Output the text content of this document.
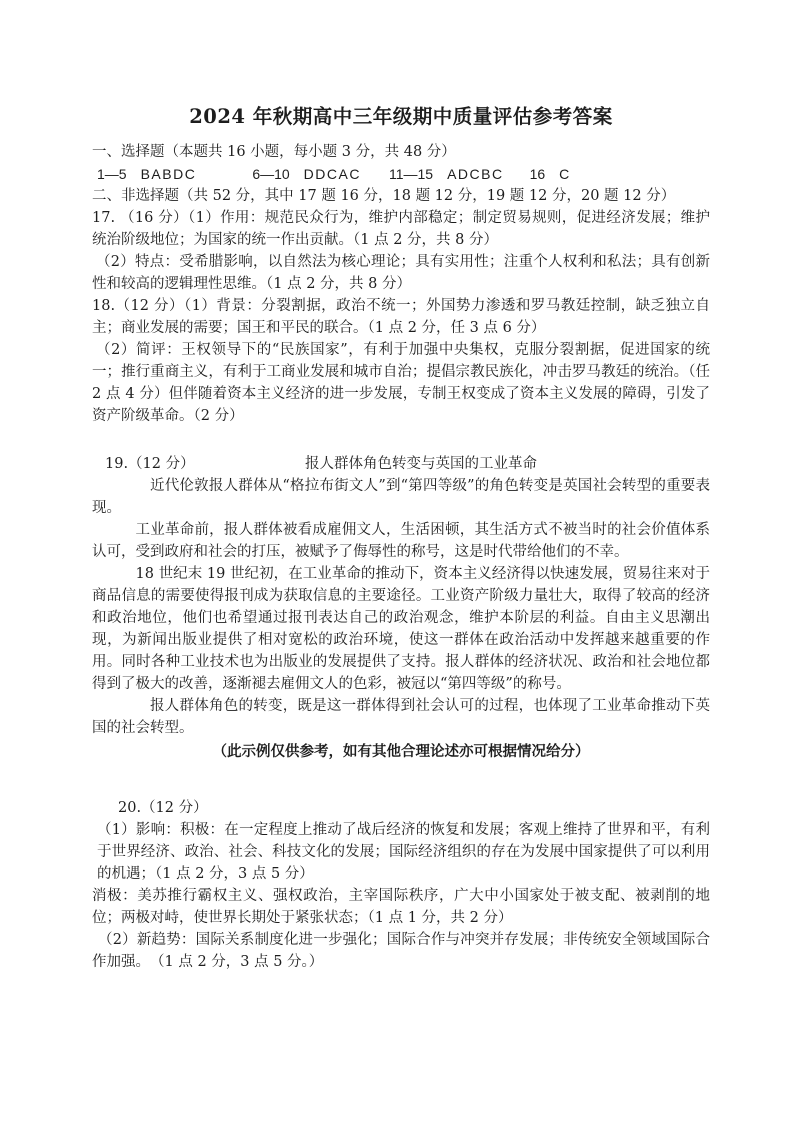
2024 年秋期高中三年级期中质量评估参考答案

一、选择题（本题共 16 小题，每小题 3 分，共 48 分）

1—5 BABDC	6—10 DDCAC 11—15 ADCBC 16 C

二、非选择题（共 52 分，其中 17 题 16 分，18 题 12 分，19 题 12 分，20 题 12 分）

17. （16 分）（1）作用：规范民众行为，维护内部稳定；制定贸易规则，促进经济发展；维护统治阶级地位；为国家的统一作出贡献。（1 点 2 分，共 8 分）

（2）特点：受希腊影响，以自然法为核心理论；具有实用性；注重个人权利和私法；具有创新性和较高的逻辑理性思维。（1 点 2 分，共 8 分）

18.（12 分）（1）背景：分裂割据，政治不统一；外国势力渗透和罗马教廷控制，缺乏独立自主；商业发展的需要；国王和平民的联合。（1 点 2 分，任 3 点 6 分）

（2）简评：王权领导下的“民族国家”，有利于加强中央集权，克服分裂割据，促进国家的统一；推行重商主义，有利于工商业发展和城市自治；提倡宗教民族化，冲击罗马教廷的统治。（任 2 点 4 分）但伴随着资本主义经济的进一步发展，专制王权变成了资本主义发展的障碍，引发了资产阶级革命。（2 分）

19.（12 分）	报人群体角色转变与英国的工业革命

近代伦敦报人群体从“格拉布街文人”到“第四等级”的角色转变是英国社会转型的重要表现。

工业革命前，报人群体被看成雇佣文人，生活困顿，其生活方式不被当时的社会价值体系认可，受到政府和社会的打压，被赋予了侮辱性的称号，这是时代带给他们的不幸。

18 世纪末 19 世纪初，在工业革命的推动下，资本主义经济得以快速发展，贸易往来对于商品信息的需要使得报刊成为获取信息的主要途径。工业资产阶级力量壮大，取得了较高的经济和政治地位，他们也希望通过报刊表达自己的政治观念，维护本阶层的利益。自由主义思潮出现，为新闻出版业提供了相对宽松的政治环境，使这一群体在政治活动中发挥越来越重要的作用。同时各种工业技术也为出版业的发展提供了支持。报人群体的经济状况、政治和社会地位都得到了极大的改善，逐渐褪去雇佣文人的色彩，被冠以“第四等级”的称号。

报人群体角色的转变，既是这一群体得到社会认可的过程，也体现了工业革命推动下英国的社会转型。

（此示例仅供参考，如有其他合理论述亦可根据情况给分）

20.（12 分）

（1）影响：积极：在一定程度上推动了战后经济的恢复和发展；客观上维持了世界和平，有利于世界经济、政治、社会、科技文化的发展；国际经济组织的存在为发展中国家提供了可以利用的机遇；（1 点 2 分，3 点 5 分）

消极：美苏推行霸权主义、强权政治，主宰国际秩序，广大中小国家处于被支配、被剥削的地位；两极对峙，使世界长期处于紧张状态；（1 点 1 分，共 2 分）

（2）新趋势：国际关系制度化进一步强化；国际合作与冲突并存发展；非传统安全领域国际合作加强。　（1 点 2 分，3 点 5 分。）
